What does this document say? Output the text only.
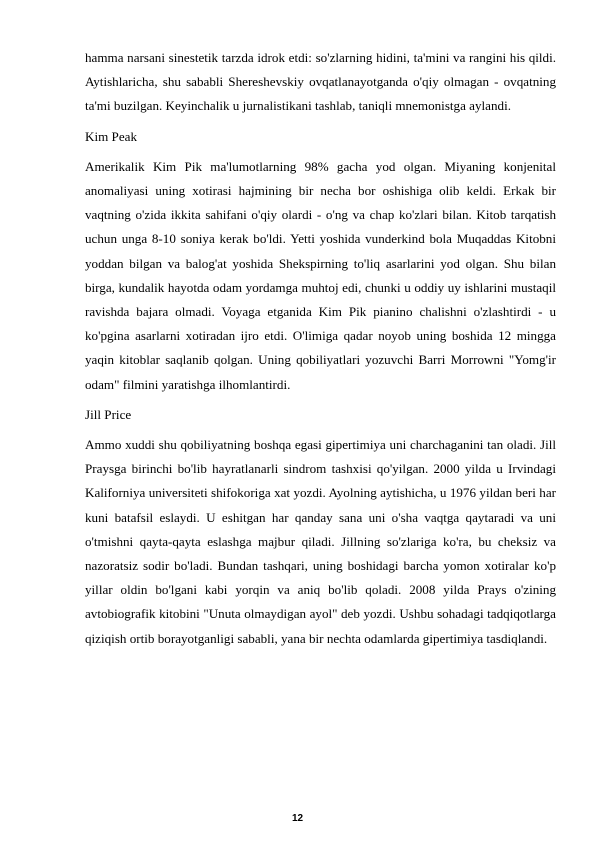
hamma narsani sinestetik tarzda idrok etdi: so'zlarning hidini, ta'mini va rangini his qildi. Aytishlaricha, shu sababli Shereshevskiy ovqatlanayotganda o'qiy olmagan - ovqatning ta'mi buzilgan. Keyinchalik u jurnalistikani tashlab, taniqli mnemonistga aylandi.

Kim Peak

Amerikalik Kim Pik ma'lumotlarning 98% gacha yod olgan. Miyaning konjenital anomaliyasi uning xotirasi hajmining bir necha bor oshishiga olib keldi. Erkak bir vaqtning o'zida ikkita sahifani o'qiy olardi - o'ng va chap ko'zlari bilan. Kitob tarqatish uchun unga 8-10 soniya kerak bo'ldi. Yetti yoshida vunderkind bola Muqaddas Kitobni yoddan bilgan va balog'at yoshida Shekspirning to'liq asarlarini yod olgan. Shu bilan birga, kundalik hayotda odam yordamga muhtoj edi, chunki u oddiy uy ishlarini mustaqil ravishda bajara olmadi. Voyaga etganida Kim Pik pianino chalishni o'zlashtirdi - u ko'pgina asarlarni xotiradan ijro etdi. O'limiga qadar noyob uning boshida 12 mingga yaqin kitoblar saqlanib qolgan. Uning qobiliyatlari yozuvchi Barri Morrowni "Yomg'ir odam" filmini yaratishga ilhomlantirdi.

Jill Price

Ammo xuddi shu qobiliyatning boshqa egasi gipertimiya uni charchaganini tan oladi. Jill Praysga birinchi bo'lib hayratlanarli sindrom tashxisi qo'yilgan. 2000 yilda u Irvindagi Kaliforniya universiteti shifokoriga xat yozdi. Ayolning aytishicha, u 1976 yildan beri har kuni batafsil eslaydi. U eshitgan har qanday sana uni o'sha vaqtga qaytaradi va uni o'tmishni qayta-qayta eslashga majbur qiladi. Jillning so'zlariga ko'ra, bu cheksiz va nazoratsiz sodir bo'ladi. Bundan tashqari, uning boshidagi barcha yomon xotiralar ko'p yillar oldin bo'lgani kabi yorqin va aniq bo'lib qoladi. 2008 yilda Prays o'zining avtobiografik kitobini "Unuta olmaydigan ayol" deb yozdi. Ushbu sohadagi tadqiqotlarga qiziqish ortib borayotganligi sababli, yana bir nechta odamlarda gipertimiya tasdiqlandi.

12
